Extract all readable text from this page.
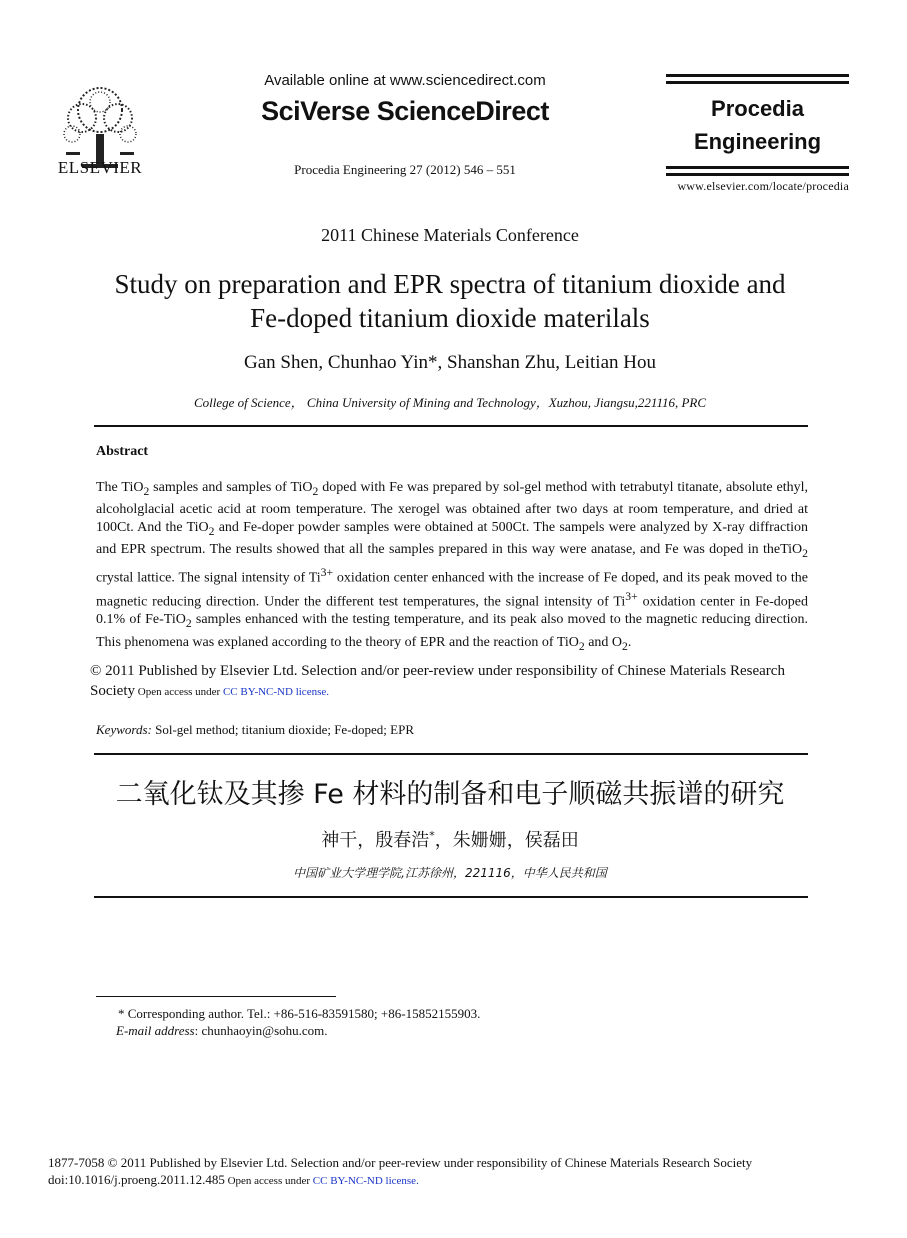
ELSEVIER
Available online at www.sciencedirect.com
SciVerse ScienceDirect
Procedia Engineering 27 (2012) 546 – 551
Procedia
Engineering
www.elsevier.com/locate/procedia
2011 Chinese Materials Conference
Study on preparation and EPR spectra of titanium dioxide and
Fe-doped titanium dioxide materilals
Gan Shen, Chunhao Yin*, Shanshan Zhu, Leitian Hou
College of Science， China University of Mining and Technology，Xuzhou, Jiangsu,221116, PRC
Abstract
The TiO$_2$ samples and samples of TiO$_2$ doped with Fe was prepared by sol-gel method with tetrabutyl titanate, absolute ethyl, alcoholglacial acetic acid at room temperature. The xerogel was obtained after two days at room temperature, and dried at 100Ct. And the TiO$_2$ and Fe-doper powder samples were obtained at 500Ct. The sampels were analyzed by X-ray diffraction and EPR spectrum. The results showed that all the samples prepared in this way were anatase, and Fe was doped in theTiO$_2$ crystal lattice. The signal intensity of $Ti^{3+}$ oxidation center enhanced with the increase of Fe doped, and its peak moved to the magnetic reducing direction. Under the different test temperatures, the signal intensity of $Ti^{3+}$ oxidation center in Fe-doped 0.1% of Fe-TiO$_2$ samples enhanced with the testing temperature, and its peak also moved to the magnetic reducing direction. This phenomena was explaned according to the theory of EPR and the reaction of TiO$_2$ and $O_2$.
© 2011 Published by Elsevier Ltd. Selection and/or peer-review under responsibility of Chinese Materials Research Society Open access under CC BY-NC-ND license.
Keywords: Sol-gel method; titanium dioxide; Fe-doped; EPR
二氧化钛及其掺 Fe 材料的制备和电子顺磁共振谱的研究
神干，殷春浩*，朱姗姗，侯磊田
中国矿业大学理学院,江苏徐州，221116，中华人民共和国
* Corresponding author. Tel.: +86-516-83591580; +86-15852155903.
E-mail address: chunhaoyin@sohu.com.
1877-7058 © 2011 Published by Elsevier Ltd. Selection and/or peer-review under responsibility of Chinese Materials Research Society
doi:10.1016/j.proeng.2011.12.485 Open access under CC BY-NC-ND license.
